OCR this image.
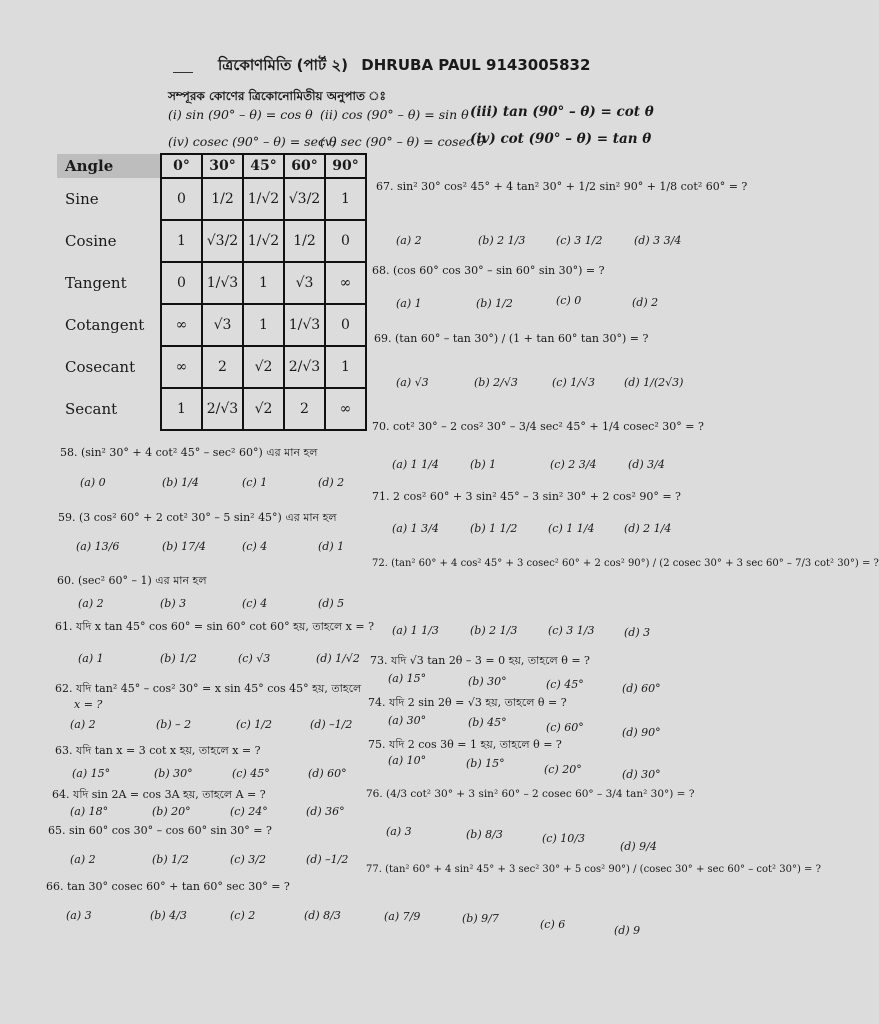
ত্রিকোণমিতি (পার্ট ২) DHRUBA PAUL 9143005832
সম্পূরক কোণের ত্রিকোনোমিতীয় অনুপাত ঃ
(i) sin (90° – θ) = cos θ (ii) cos (90° – θ) = sin θ (iii) tan (90° – θ) = cot θ
(iv) cosec (90° – θ) = sec θ
(v) sec (90° – θ) = cosec θ
(iv) cot (90° – θ) = tan θ
Angle	0°	30°	45°	60°	90°
Sine	0	1/2	1/√2	√3/2	1
Cosine	1	√3/2	1/√2	1/2	0
Tangent	0	1/√3	1	√3	∞
Cotangent	∞	√3	1	1/√3	0
Cosecant	∞	2	√2	2/√3	1
Secant	1	2/√3	√2	2	∞
58. (sin² 30° + 4 cot² 45° – sec² 60°) এর মান হল
(a) 0	(b) 1/4	(c) 1	(d) 2
59. (3 cos² 60° + 2 cot² 30° – 5 sin² 45°) এর মান হল
(a) 13/6	(b) 17/4	(c) 4	(d) 1
60. (sec² 60° – 1) এর মান হল
(a) 2	(b) 3	(c) 4	(d) 5
61. যদি x tan 45° cos 60° = sin 60° cot 60° হয়, তাহলে x = ?
(a) 1	(b) 1/2	(c) √3	(d) 1/√2
62. যদি tan² 45° – cos² 30° = x sin 45° cos 45° হয়, তাহলে
x = ?
(a) 2	(b) – 2	(c) 1/2	(d) –1/2
63. যদি tan x = 3 cot x হয়, তাহলে x = ?
(a) 15°	(b) 30°	(c) 45°	(d) 60°
64. যদি sin 2A = cos 3A হয়, তাহলে A = ?
(a) 18°	(b) 20°	(c) 24°	(d) 36°
65. sin 60° cos 30° – cos 60° sin 30° = ?
(a) 2	(b) 1/2	(c) 3/2	(d) –1/2
66. tan 30° cosec 60° + tan 60° sec 30° = ?
(a) 3	(b) 4/3	(c) 2	(d) 8/3
67. sin² 30° cos² 45° + 4 tan² 30° + 1/2 sin² 90° + 1/8 cot² 60° = ?
(a) 2	(b) 2 1/3	(c) 3 1/2	(d) 3 3/4
68. (cos 60° cos 30° – sin 60° sin 30°) = ?
(a) 1	(b) 1/2	(c) 0	(d) 2
69. (tan 60° – tan 30°) / (1 + tan 60° tan 30°) = ?
(a) √3	(b) 2/√3	(c) 1/√3	(d) 1/(2√3)
70. cot² 30° – 2 cos² 30° – 3/4 sec² 45° + 1/4 cosec² 30° = ?
(a) 1 1/4	(b) 1	(c) 2 3/4	(d) 3/4
71. 2 cos² 60° + 3 sin² 45° – 3 sin² 30° + 2 cos² 90° = ?
(a) 1 3/4	(b) 1 1/2	(c) 1 1/4	(d) 2 1/4
72. (tan² 60° + 4 cos² 45° + 3 cosec² 60° + 2 cos² 90°) / (2 cosec 30° + 3 sec 60° – 7/3 cot² 30°) = ?
(a) 1 1/3	(b) 2 1/3	(c) 3 1/3	(d) 3
73. যদি √3 tan 2θ – 3 = 0 হয়, তাহলে θ = ?
(a) 15°	(b) 30°	(c) 45°	(d) 60°
74. যদি 2 sin 2θ = √3 হয়, তাহলে θ = ?
(a) 30°	(b) 45°	(c) 60°	(d) 90°
75. যদি 2 cos 3θ = 1 হয়, তাহলে θ = ?
(a) 10°	(b) 15°	(c) 20°	(d) 30°
76. (4/3 cot² 30° + 3 sin² 60° – 2 cosec 60° – 3/4 tan² 30°) = ?
(a) 3	(b) 8/3	(c) 10/3
(d) 9/4
77. (tan² 60° + 4 sin² 45° + 3 sec² 30° + 5 cos² 90°) / (cosec 30° + sec 60° – cot² 30°) = ?
(a) 7/9	(b) 9/7	(c) 6	(d) 9
